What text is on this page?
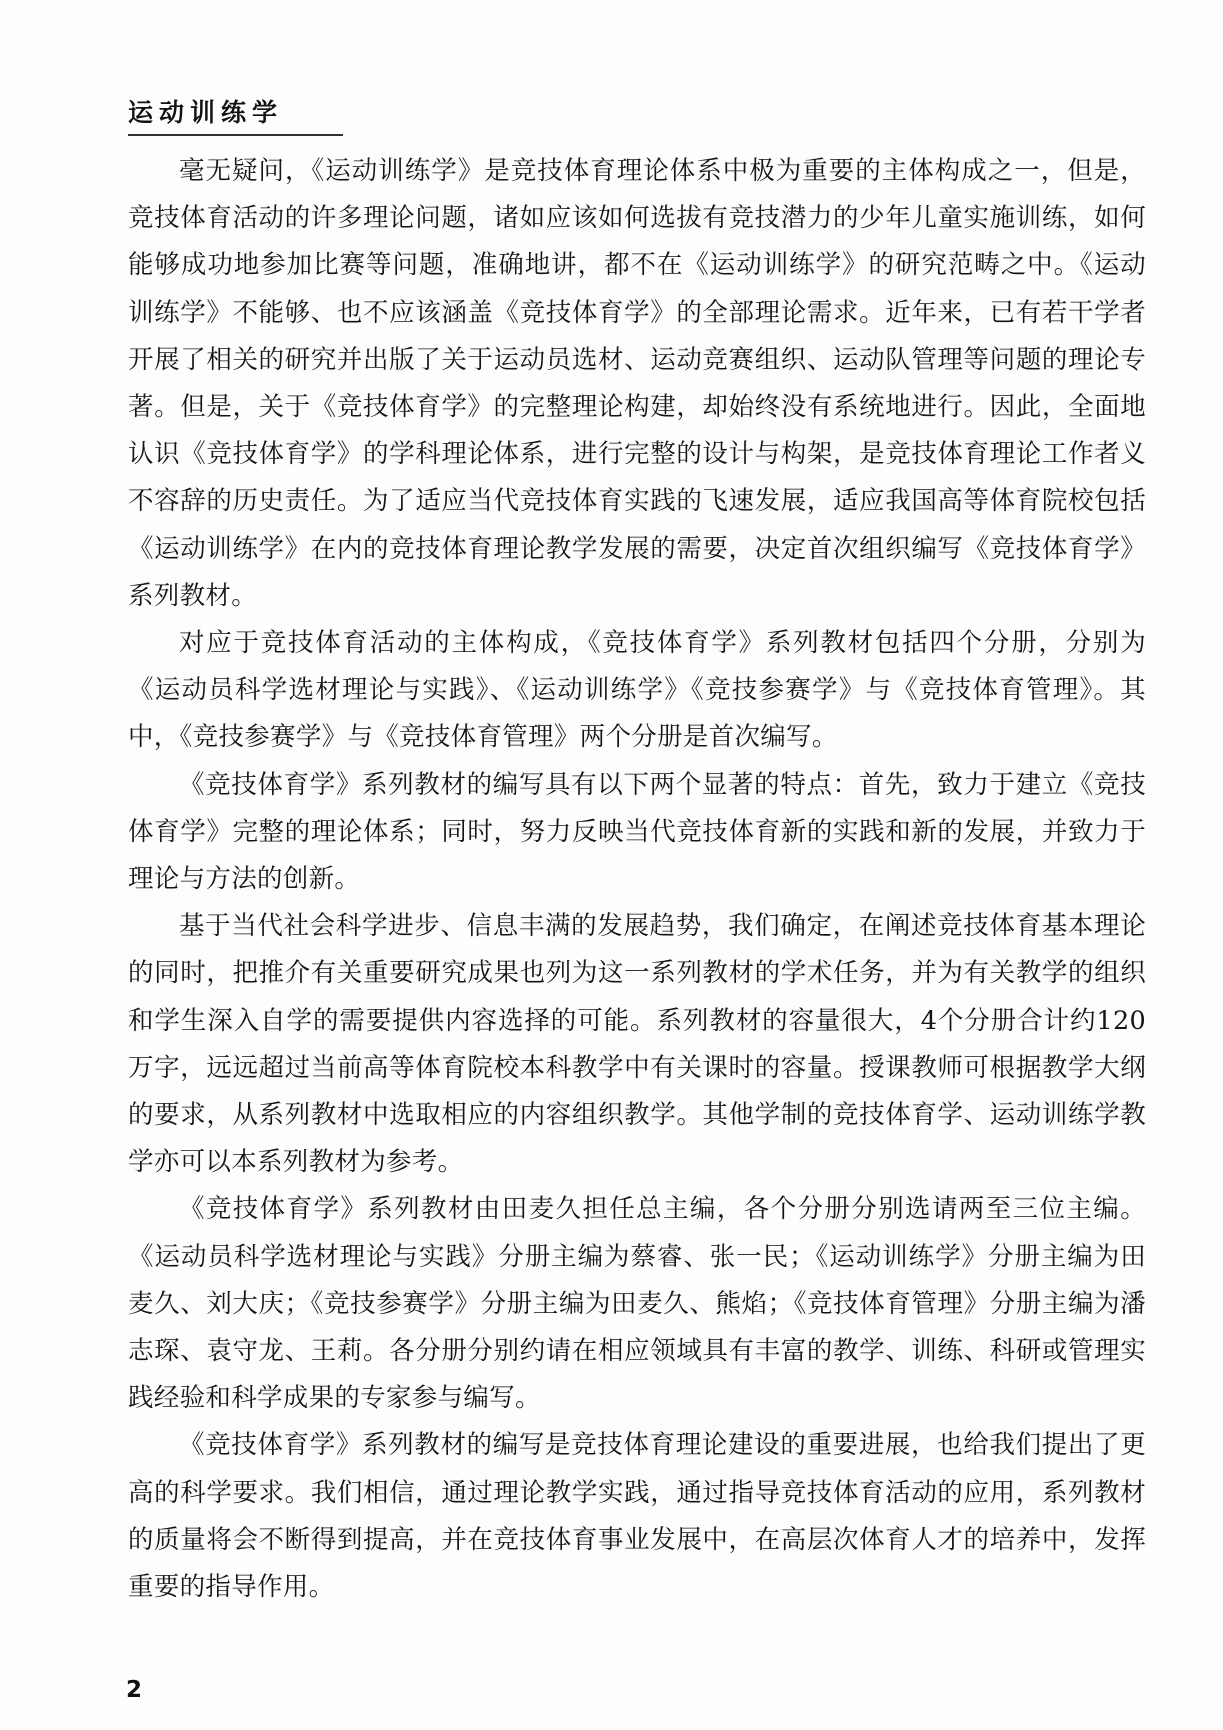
运动训练学

毫无疑问，《运动训练学》是竞技体育理论体系中极为重要的主体构成之一，但是，竞技体育活动的许多理论问题，诸如应该如何选拔有竞技潜力的少年儿童实施训练，如何能够成功地参加比赛等问题，准确地讲，都不在《运动训练学》的研究范畴之中。《运动训练学》不能够、也不应该涵盖《竞技体育学》的全部理论需求。近年来，已有若干学者开展了相关的研究并出版了关于运动员选材、运动竞赛组织、运动队管理等问题的理论专著。但是，关于《竞技体育学》的完整理论构建，却始终没有系统地进行。因此，全面地认识《竞技体育学》的学科理论体系，进行完整的设计与构架，是竞技体育理论工作者义不容辞的历史责任。为了适应当代竞技体育实践的飞速发展，适应我国高等体育院校包括《运动训练学》在内的竞技体育理论教学发展的需要，决定首次组织编写《竞技体育学》系列教材。

对应于竞技体育活动的主体构成，《竞技体育学》系列教材包括四个分册，分别为《运动员科学选材理论与实践》、《运动训练学》《竞技参赛学》与《竞技体育管理》。其中，《竞技参赛学》与《竞技体育管理》两个分册是首次编写。

《竞技体育学》系列教材的编写具有以下两个显著的特点：首先，致力于建立《竞技体育学》完整的理论体系；同时，努力反映当代竞技体育新的实践和新的发展，并致力于理论与方法的创新。

基于当代社会科学进步、信息丰满的发展趋势，我们确定，在阐述竞技体育基本理论的同时，把推介有关重要研究成果也列为这一系列教材的学术任务，并为有关教学的组织和学生深入自学的需要提供内容选择的可能。系列教材的容量很大，4个分册合计约120万字，远远超过当前高等体育院校本科教学中有关课时的容量。授课教师可根据教学大纲的要求，从系列教材中选取相应的内容组织教学。其他学制的竞技体育学、运动训练学教学亦可以本系列教材为参考。

《竞技体育学》系列教材由田麦久担任总主编，各个分册分别选请两至三位主编。《运动员科学选材理论与实践》分册主编为蔡睿、张一民；《运动训练学》分册主编为田麦久、刘大庆；《竞技参赛学》分册主编为田麦久、熊焰；《竞技体育管理》分册主编为潘志琛、袁守龙、王莉。各分册分别约请在相应领域具有丰富的教学、训练、科研或管理实践经验和科学成果的专家参与编写。

《竞技体育学》系列教材的编写是竞技体育理论建设的重要进展，也给我们提出了更高的科学要求。我们相信，通过理论教学实践，通过指导竞技体育活动的应用，系列教材的质量将会不断得到提高，并在竞技体育事业发展中，在高层次体育人才的培养中，发挥重要的指导作用。

2
